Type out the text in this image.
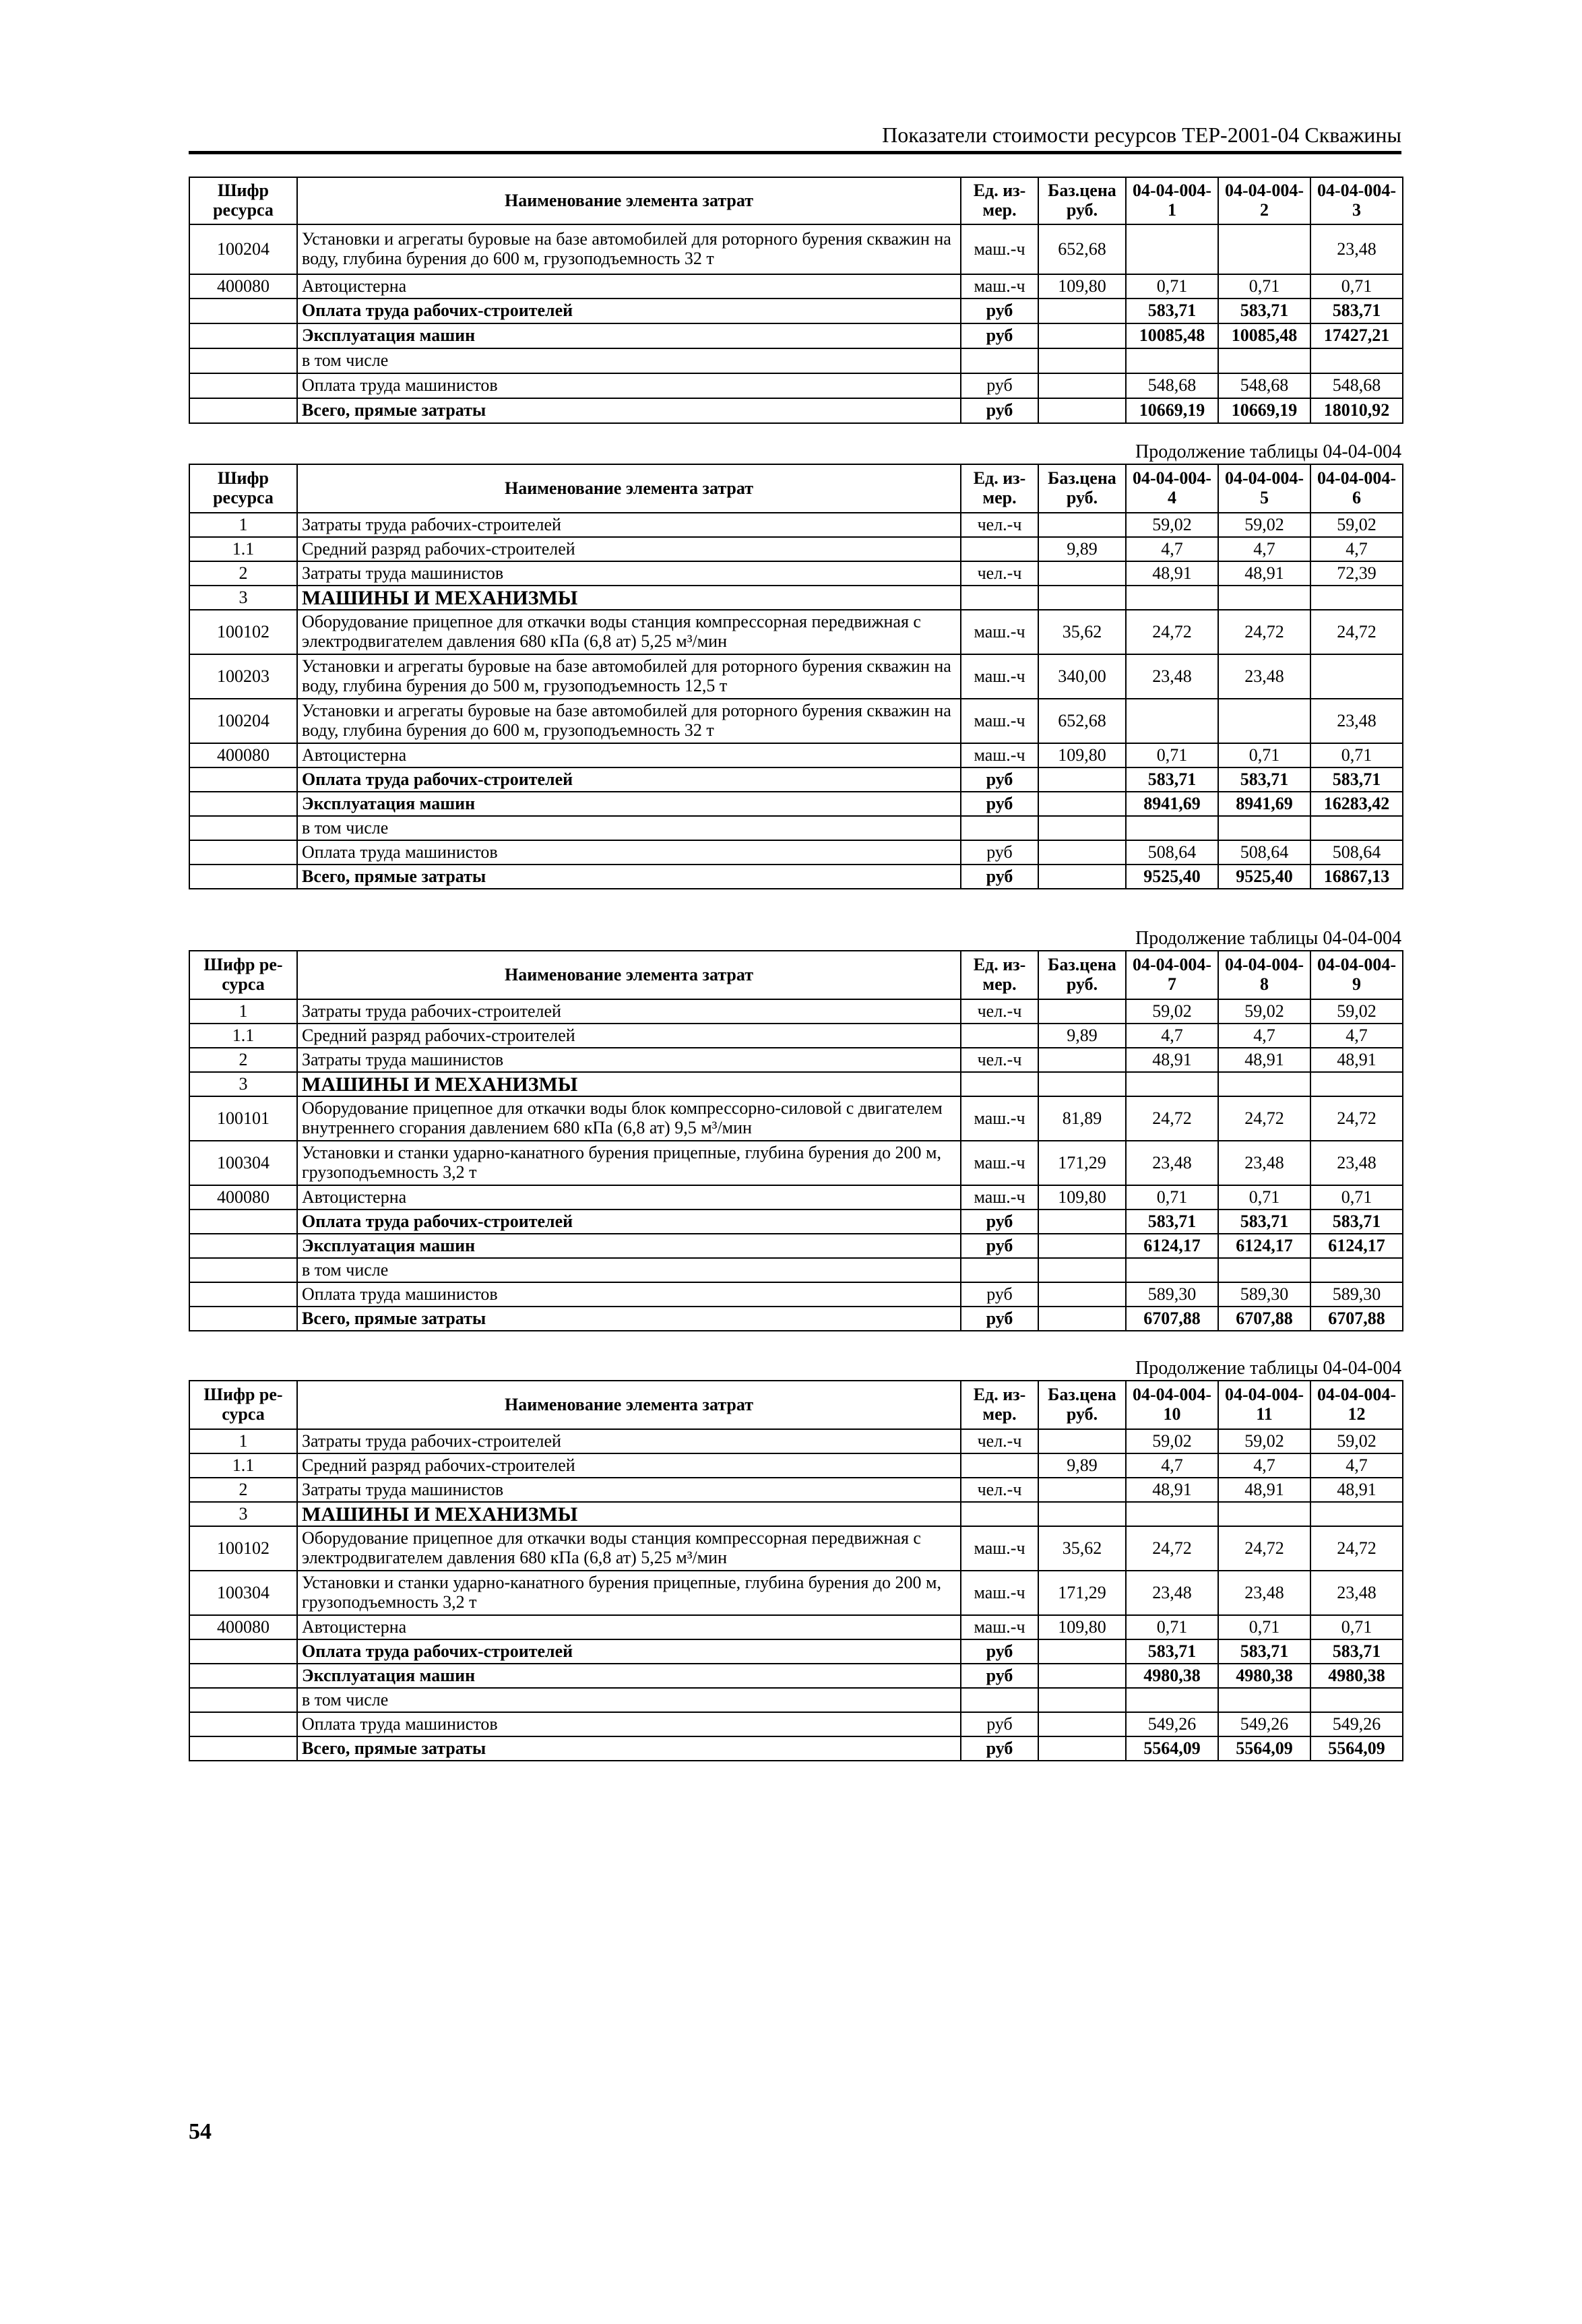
Показатели стоимости ресурсов ТЕР-2001-04 Скважины
Шифр ресурса	Наименование элемента затрат	Ед. из-мер.	Баз.цена руб.	04-04-004-1	04-04-004-2	04-04-004-3
100204	Установки и агрегаты буровые на базе автомобилей для роторного бурения скважин на воду, глубина бурения до 600 м, грузоподъемность 32 т	маш.-ч	652,68			23,48
400080	Автоцистерна	маш.-ч	109,80	0,71	0,71	0,71
	Оплата труда рабочих-строителей	руб		583,71	583,71	583,71
	Эксплуатация машин	руб		10085,48	10085,48	17427,21
	в том числе					
	Оплата труда машинистов	руб		548,68	548,68	548,68
	Всего, прямые затраты	руб		10669,19	10669,19	18010,92
Продолжение таблицы 04-04-004
Шифр ресурса	Наименование элемента затрат	Ед. из-мер.	Баз.цена руб.	04-04-004-4	04-04-004-5	04-04-004-6
1	Затраты труда рабочих-строителей	чел.-ч		59,02	59,02	59,02
1.1	Средний разряд рабочих-строителей		9,89	4,7	4,7	4,7
2	Затраты труда машинистов	чел.-ч		48,91	48,91	72,39
3	МАШИНЫ И МЕХАНИЗМЫ					
100102	Оборудование прицепное для откачки воды станция компрессорная передвижная с электродвигателем давления 680 кПа (6,8 ат) 5,25 м³/мин	маш.-ч	35,62	24,72	24,72	24,72
100203	Установки и агрегаты буровые на базе автомобилей для роторного бурения скважин на воду, глубина бурения до 500 м, грузоподъемность 12,5 т	маш.-ч	340,00	23,48	23,48	
100204	Установки и агрегаты буровые на базе автомобилей для роторного бурения скважин на воду, глубина бурения до 600 м, грузоподъемность 32 т	маш.-ч	652,68			23,48
400080	Автоцистерна	маш.-ч	109,80	0,71	0,71	0,71
	Оплата труда рабочих-строителей	руб		583,71	583,71	583,71
	Эксплуатация машин	руб		8941,69	8941,69	16283,42
	в том числе					
	Оплата труда машинистов	руб		508,64	508,64	508,64
	Всего, прямые затраты	руб		9525,40	9525,40	16867,13
Продолжение таблицы 04-04-004
Шифр ре-сурса	Наименование элемента затрат	Ед. из-мер.	Баз.цена руб.	04-04-004-7	04-04-004-8	04-04-004-9
1	Затраты труда рабочих-строителей	чел.-ч		59,02	59,02	59,02
1.1	Средний разряд рабочих-строителей		9,89	4,7	4,7	4,7
2	Затраты труда машинистов	чел.-ч		48,91	48,91	48,91
3	МАШИНЫ И МЕХАНИЗМЫ					
100101	Оборудование прицепное для откачки воды блок компрессорно-силовой с двигателем внутреннего сгорания давлением 680 кПа (6,8 ат) 9,5 м³/мин	маш.-ч	81,89	24,72	24,72	24,72
100304	Установки и станки ударно-канатного бурения прицепные, глубина бурения до 200 м, грузоподъемность 3,2 т	маш.-ч	171,29	23,48	23,48	23,48
400080	Автоцистерна	маш.-ч	109,80	0,71	0,71	0,71
	Оплата труда рабочих-строителей	руб		583,71	583,71	583,71
	Эксплуатация машин	руб		6124,17	6124,17	6124,17
	в том числе					
	Оплата труда машинистов	руб		589,30	589,30	589,30
	Всего, прямые затраты	руб		6707,88	6707,88	6707,88
Продолжение таблицы 04-04-004
Шифр ре-сурса	Наименование элемента затрат	Ед. из-мер.	Баз.цена руб.	04-04-004-10	04-04-004-11	04-04-004-12
1	Затраты труда рабочих-строителей	чел.-ч		59,02	59,02	59,02
1.1	Средний разряд рабочих-строителей		9,89	4,7	4,7	4,7
2	Затраты труда машинистов	чел.-ч		48,91	48,91	48,91
3	МАШИНЫ И МЕХАНИЗМЫ					
100102	Оборудование прицепное для откачки воды станция компрессорная передвижная с электродвигателем давления 680 кПа (6,8 ат) 5,25 м³/мин	маш.-ч	35,62	24,72	24,72	24,72
100304	Установки и станки ударно-канатного бурения прицепные, глубина бурения до 200 м, грузоподъемность 3,2 т	маш.-ч	171,29	23,48	23,48	23,48
400080	Автоцистерна	маш.-ч	109,80	0,71	0,71	0,71
	Оплата труда рабочих-строителей	руб		583,71	583,71	583,71
	Эксплуатация машин	руб		4980,38	4980,38	4980,38
	в том числе					
	Оплата труда машинистов	руб		549,26	549,26	549,26
	Всего, прямые затраты	руб		5564,09	5564,09	5564,09
54
